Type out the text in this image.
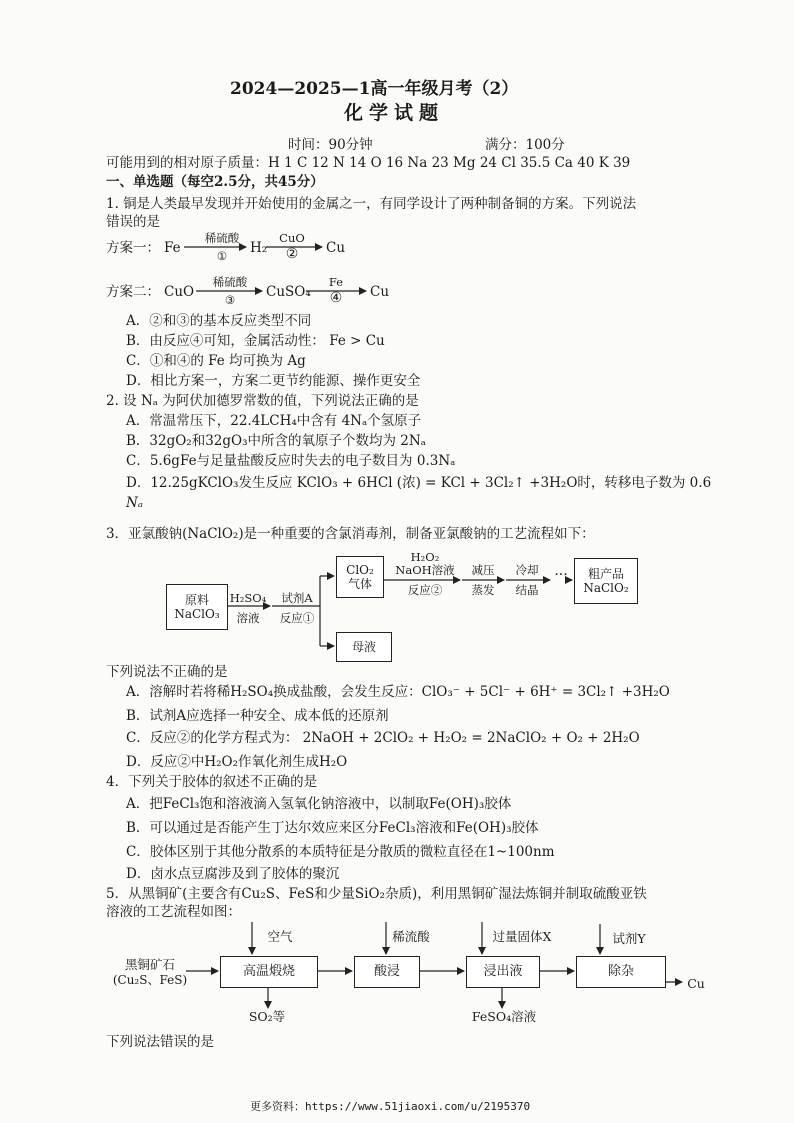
2024—2025—1高一年级月考（2）
化学试题
时间：90分钟	满分：100分
可能用到的相对原子质量：H 1 C 12 N 14 O 16 Na 23 Mg 24 Cl 35.5 Ca 40 K 39
一、单选题（每空2.5分，共45分）
1. 铜是人类最早发现并开始使用的金属之一，有同学设计了两种制备铜的方案。下列说法
错误的是
方案一： Fe
稀硫酸
①	H₂
CuO
②	Cu
方案二： CuO
稀硫酸
③	CuSO₄
Fe
④	Cu
A．②和③的基本反应类型不同
B．由反应④可知，金属活动性： Fe > Cu
C．①和④的 Fe 均可换为 Ag
D．相比方案一，方案二更节约能源、操作更安全
2. 设 Nₐ 为阿伏加德罗常数的值，下列说法正确的是
A．常温常压下，22.4LCH₄中含有 4Nₐ个氢原子
B．32gO₂和32gO₃中所含的氧原子个数均为 2Nₐ
C．5.6gFe与足量盐酸反应时失去的电子数目为 0.3Nₐ
D．12.25gKClO₃发生反应 KClO₃ + 6HCl (浓) = KCl + 3Cl₂↑ +3H₂O时，转移电子数为 0.6
Nₐ
3．亚氯酸钠(NaClO₂)是一种重要的含氯消毒剂，制备亚氯酸钠的工艺流程如下：
原料
NaClO₃
H₂SO₄
溶液
试剂A
反应①
ClO₂
气体
H₂O₂
NaOH溶液
反应②
减压
蒸发
冷却
结晶
··· 粗产品
NaClO₂
母液
下列说法不正确的是
A．溶解时若将稀H₂SO₄换成盐酸，会发生反应：ClO₃⁻ + 5Cl⁻ + 6H⁺ = 3Cl₂↑ +3H₂O
B．试剂A应选择一种安全、成本低的还原剂
C．反应②的化学方程式为： 2NaOH + 2ClO₂ + H₂O₂ = 2NaClO₂ + O₂ + 2H₂O
D．反应②中H₂O₂作氧化剂生成H₂O
4．下列关于胶体的叙述不正确的是
A．把FeCl₃饱和溶液滴入氢氧化钠溶液中，以制取Fe(OH)₃胶体
B．可以通过是否能产生丁达尔效应来区分FeCl₃溶液和Fe(OH)₃胶体
C．胶体区别于其他分散系的本质特征是分散质的微粒直径在1~100nm
D．卤水点豆腐涉及到了胶体的聚沉
5．从黑铜矿(主要含有Cu₂S、FeS和少量SiO₂杂质)，利用黑铜矿湿法炼铜并制取硫酸亚铁
溶液的工艺流程如图：
黑铜矿石
(Cu₂S、FeS)
空气
高温煅烧
SO₂等
稀流酸
酸浸
过量固体X
浸出液
FeSO₄溶液
试剂Y
除杂
Cu
下列说法错误的是
更多资料：https://www.51jiaoxi.com/u/2195370
